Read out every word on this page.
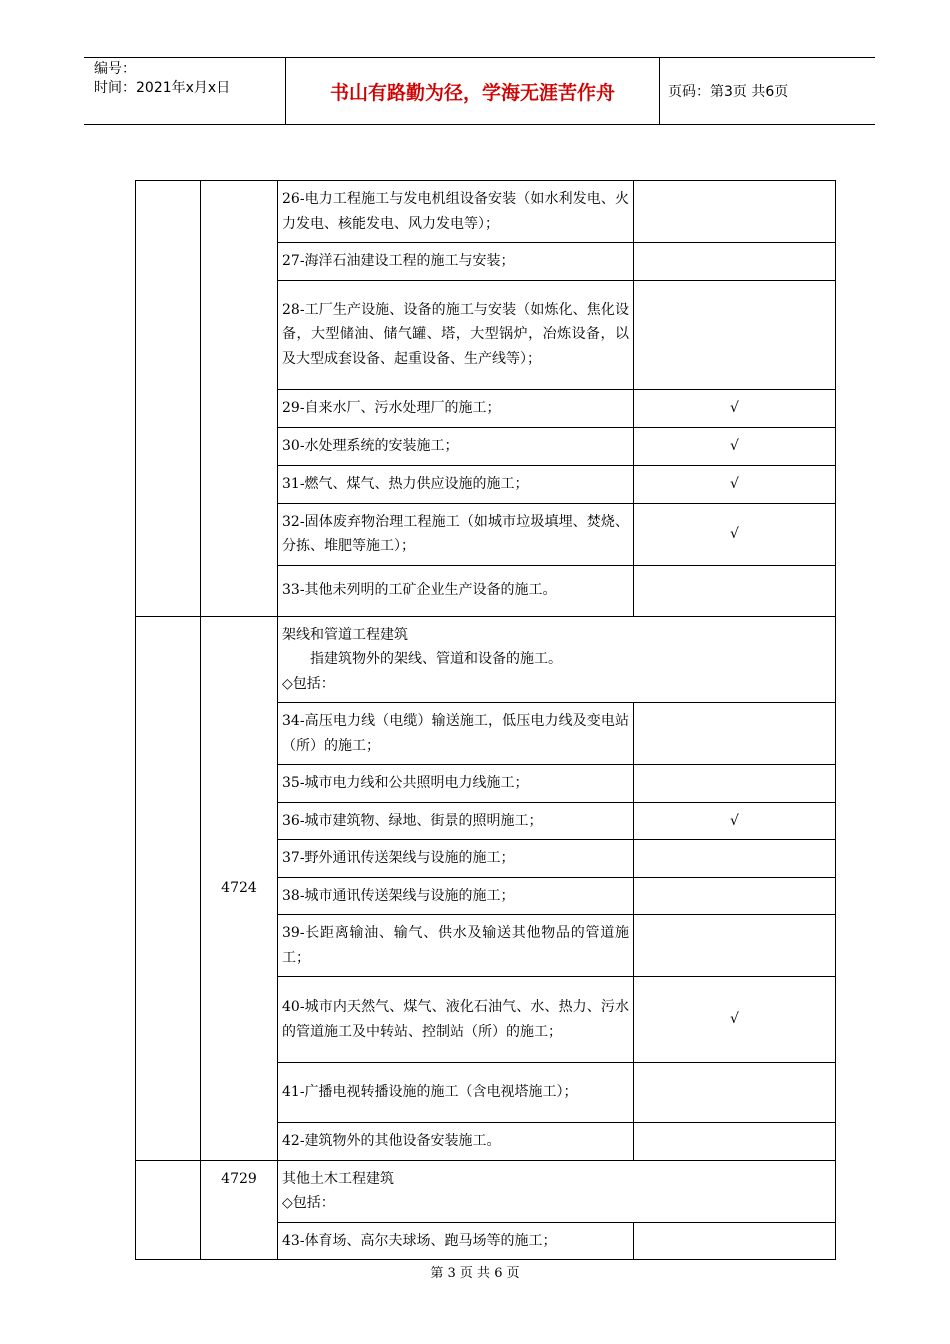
编号：
时间：2021年x月x日	书山有路勤为径，学海无涯苦作舟	页码：第3页 共6页
		26-电力工程施工与发电机组设备安装（如水利发电、火力发电、核能发电、风力发电等）；	
		27-海洋石油建设工程的施工与安装；	
		28-工厂生产设施、设备的施工与安装（如炼化、焦化设备，大型储油、储气罐、塔，大型锅炉，冶炼设备，以及大型成套设备、起重设备、生产线等）；	
		29-自来水厂、污水处理厂的施工；	√
		30-水处理系统的安装施工；	√
		31-燃气、煤气、热力供应设施的施工；	√
		32-固体废弃物治理工程施工（如城市垃圾填埋、焚烧、分拣、堆肥等施工）；	√
		33-其他未列明的工矿企业生产设备的施工。	
	4724	架线和管道工程建筑
指建筑物外的架线、管道和设备的施工。
◇包括：	

		34-高压电力线（电缆）输送施工，低压电力线及变电站（所）的施工；	
		35-城市电力线和公共照明电力线施工；	
		36-城市建筑物、绿地、街景的照明施工；	√
		37-野外通讯传送架线与设施的施工；	
		38-城市通讯传送架线与设施的施工；	
		39-长距离输油、输气、供水及输送其他物品的管道施工；	
		40-城市内天然气、煤气、液化石油气、水、热力、污水的管道施工及中转站、控制站（所）的施工；	√
		41-广播电视转播设施的施工（含电视塔施工）；	
		42-建筑物外的其他设备安装施工。	
	4729	其他土木工程建筑
◇包括：	

		43-体育场、高尔夫球场、跑马场等的施工；	
第 3 页 共 6 页
